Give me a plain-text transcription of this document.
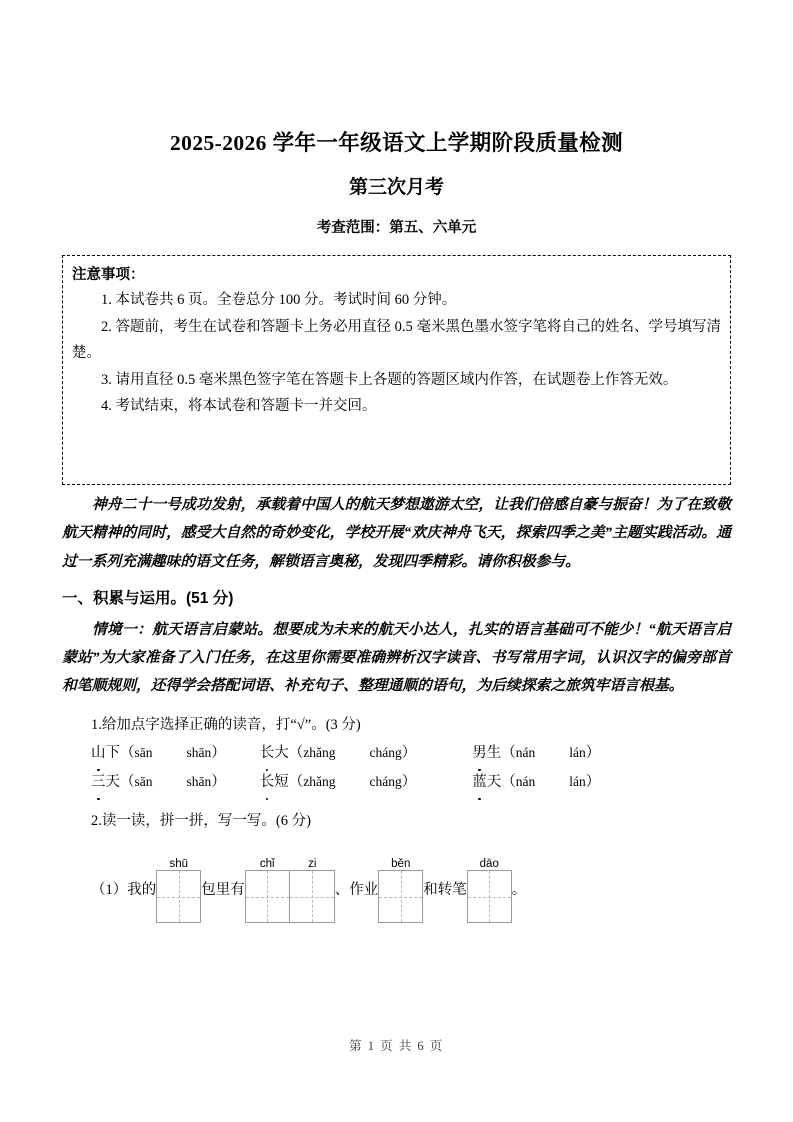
2025-2026 学年一年级语文上学期阶段质量检测
第三次月考
考查范围：第五、六单元
注意事项：

1. 本试卷共 6 页。全卷总分 100 分。考试时间 60 分钟。

2. 答题前，考生在试卷和答题卡上务必用直径 0.5 毫米黑色墨水签字笔将自己的姓名、学号填写清楚。

3. 请用直径 0.5 毫米黑色签字笔在答题卡上各题的答题区域内作答，在试题卷上作答无效。

4. 考试结束，将本试卷和答题卡一并交回。

神舟二十一号成功发射，承载着中国人的航天梦想遨游太空，让我们倍感自豪与振奋！为了在致敬航天精神的同时，感受大自然的奇妙变化，学校开展“欢庆神舟飞天，探索四季之美”主题实践活动。通过一系列充满趣味的语文任务，解锁语言奥秘，发现四季精彩。请你积极参与。

一、积累与运用。(51 分)

情境一：航天语言启蒙站。想要成为未来的航天小达人，扎实的语言基础可不能少！“航天语言启蒙站”为大家准备了入门任务，在这里你需要准确辨析汉字读音、书写常用字词，认识汉字的偏旁部首和笔顺规则，还得学会搭配词语、补充句子、整理通顺的语句，为后续探索之旅筑牢语言根基。

1.给加点字选择正确的读音，打“√”。(3 分)

山下（sān	shān） 长大（zhǎng	cháng）	男生（nán	lán）
三天（sān	shān） 长短（zhǎng	cháng）	蓝天（nán	lán）

2.读一读，拼一拼，写一写。(6 分)

（1） 我的
shū
包里有
chǐ	zi
、作业
běn
和转笔
dāo
。
第 1 页 共 6 页
